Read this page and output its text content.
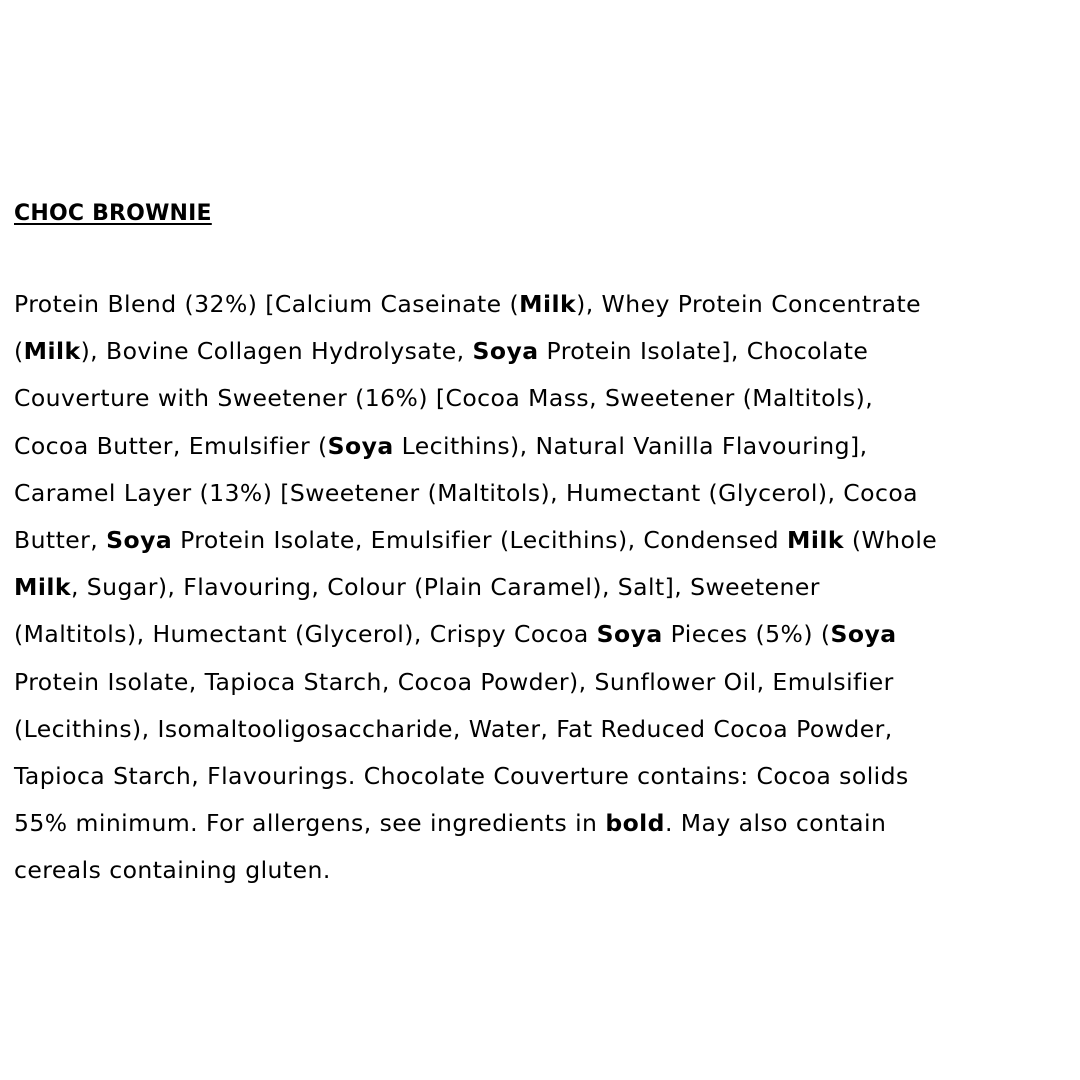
CHOC BROWNIE

Protein Blend (32%) [Calcium Caseinate (Milk), Whey Protein Concentrate
(Milk), Bovine Collagen Hydrolysate, Soya Protein Isolate], Chocolate
Couverture with Sweetener (16%) [Cocoa Mass, Sweetener (Maltitols),
Cocoa Butter, Emulsifier (Soya Lecithins), Natural Vanilla Flavouring],
Caramel Layer (13%) [Sweetener (Maltitols), Humectant (Glycerol), Cocoa
Butter, Soya Protein Isolate, Emulsifier (Lecithins), Condensed Milk (Whole
Milk, Sugar), Flavouring, Colour (Plain Caramel), Salt], Sweetener
(Maltitols), Humectant (Glycerol), Crispy Cocoa Soya Pieces (5%) (Soya
Protein Isolate, Tapioca Starch, Cocoa Powder), Sunflower Oil, Emulsifier
(Lecithins), Isomaltooligosaccharide, Water, Fat Reduced Cocoa Powder,
Tapioca Starch, Flavourings. Chocolate Couverture contains: Cocoa solids
55% minimum. For allergens, see ingredients in bold. May also contain
cereals containing gluten.
